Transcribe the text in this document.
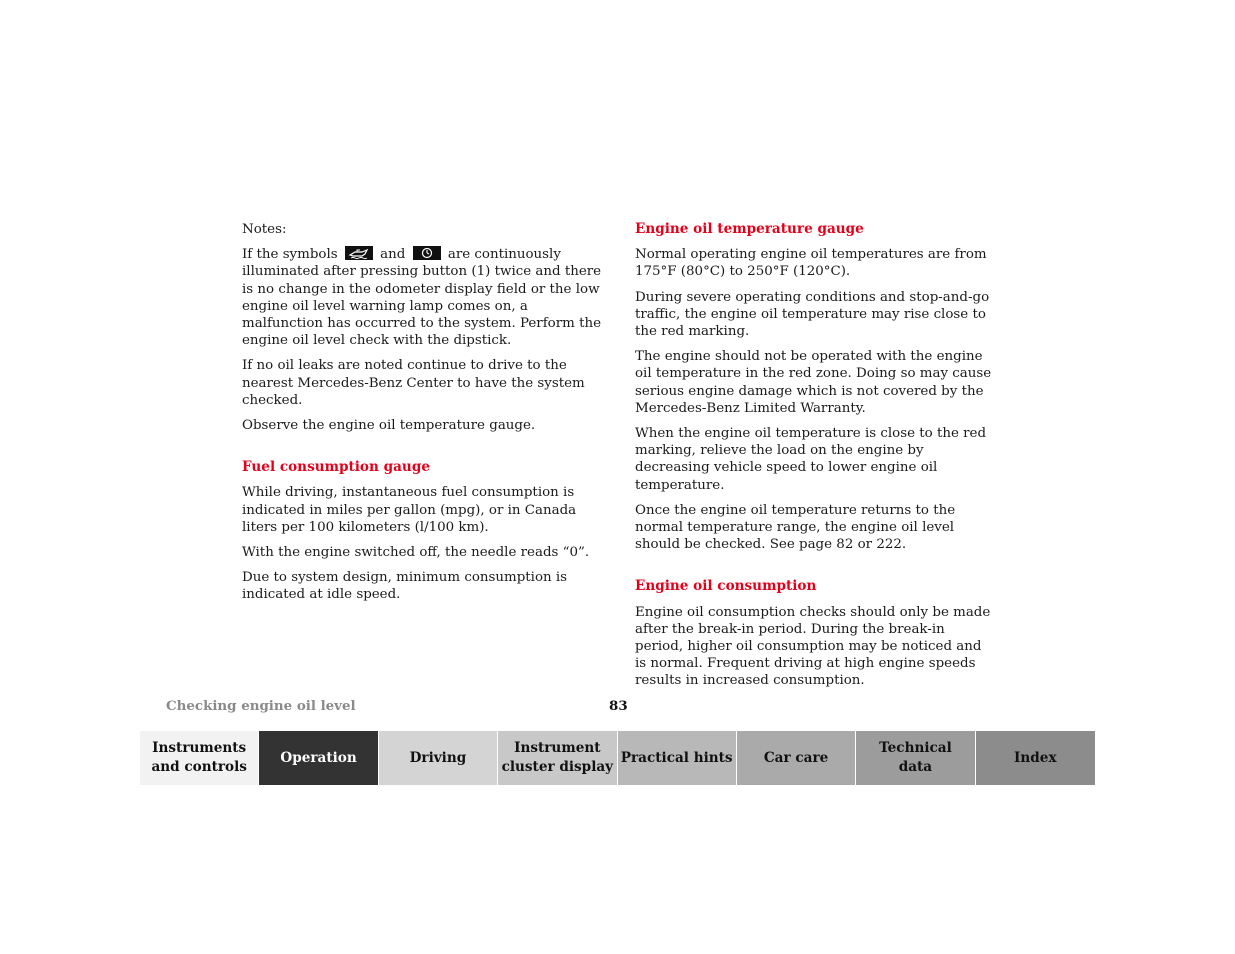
Notes:

If the symbols	and	are continuously illuminated after pressing button (1) twice and there is no change in the odometer display field or the low engine oil level warning lamp comes on, a malfunction has occurred to the system. Perform the engine oil level check with the dipstick.

If no oil leaks are noted continue to drive to the nearest Mercedes-Benz Center to have the system checked.

Observe the engine oil temperature gauge.

Fuel consumption gauge

While driving, instantaneous fuel consumption is indicated in miles per gallon (mpg), or in Canada liters per 100 kilometers (l/100 km).

With the engine switched off, the needle reads “0”.

Due to system design, minimum consumption is indicated at idle speed.

Engine oil temperature gauge

Normal operating engine oil temperatures are from 175°F (80°C) to 250°F (120°C).

During severe operating conditions and stop-and-go traffic, the engine oil temperature may rise close to the red marking.

The engine should not be operated with the engine oil temperature in the red zone. Doing so may cause serious engine damage which is not covered by the Mercedes-Benz Limited Warranty.

When the engine oil temperature is close to the red marking, relieve the load on the engine by decreasing vehicle speed to lower engine oil temperature.

Once the engine oil temperature returns to the normal temperature range, the engine oil level should be checked. See page 82 or 222.

Engine oil consumption

Engine oil consumption checks should only be made after the break-in period. During the break-in period, higher oil consumption may be noticed and is normal. Frequent driving at high engine speeds results in increased consumption.

Checking engine oil level	83
Instruments
and controls
Operation	Driving
Instrument
cluster display
Practical hints	Car care
Technical
data
Index
